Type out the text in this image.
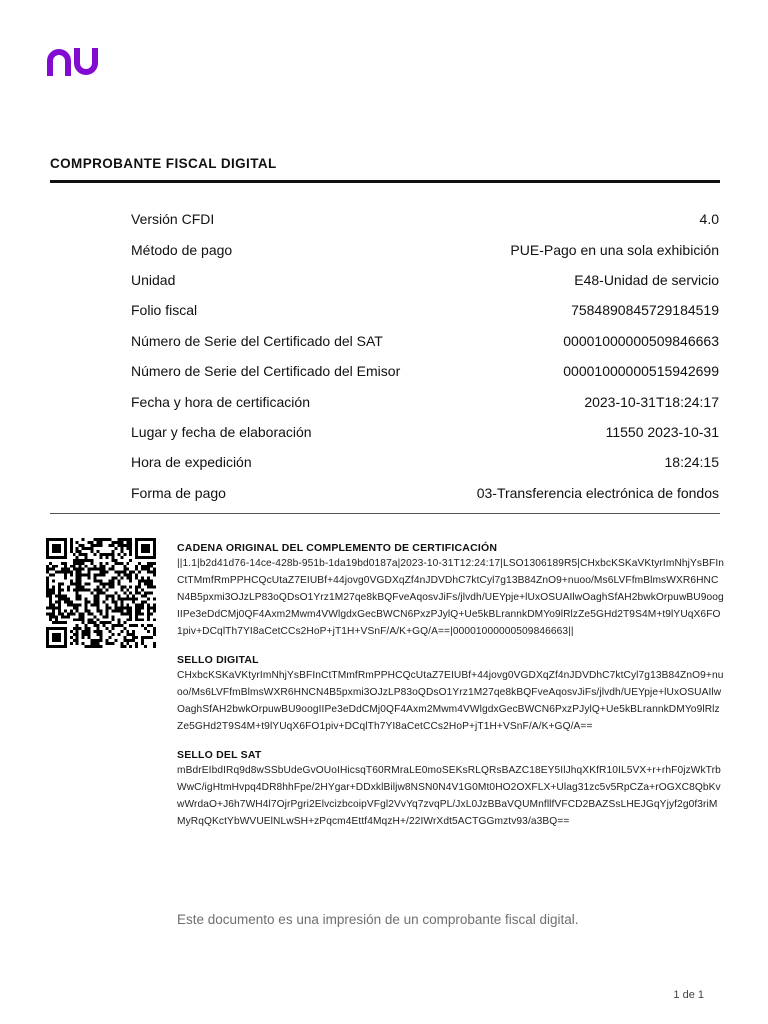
COMPROBANTE FISCAL DIGITAL
Versión CFDI	4.0
Método de pago	PUE-Pago en una sola exhibición
Unidad	E48-Unidad de servicio
Folio fiscal	7584890845729184519
Número de Serie del Certificado del SAT	00001000000509846663
Número de Serie del Certificado del Emisor	00001000000515942699
Fecha y hora de certificación	2023-10-31T18:24:17
Lugar y fecha de elaboración	11550 2023-10-31
Hora de expedición	18:24:15
Forma de pago	03-Transferencia electrónica de fondos
CADENA ORIGINAL DEL COMPLEMENTO DE CERTIFICACIÓN
||1.1|b2d41d76-14ce-428b-951b-1da19bd0187a|2023-10-31T12:24:17|LSO1306189R5|CHxbcKSKaVKtyrImNhjYsBFInCtTMmfRmPPHCQcUtaZ7EIUBf+44jovg0VGDXqZf4nJDVDhC7ktCyl7g13B84ZnO9+nuoo/Ms6LVFfmBlmsWXR6HNCN4B5pxmi3OJzLP83oQDsO1Yrz1M27qe8kBQFveAqosvJiFs/jlvdh/UEYpje+lUxOSUAIlwOaghSfAH2bwkOrpuwBU9oogIIPe3eDdCMj0QF4Axm2Mwm4VWlgdxGecBWCN6PxzPJylQ+Ue5kBLrannkDMYo9lRlzZe5GHd2T9S4M+t9lYUqX6FO1piv+DCqlTh7YI8aCetCCs2HoP+jT1H+VSnF/A/K+GQ/A==|00001000000509846663||
SELLO DIGITAL
CHxbcKSKaVKtyrImNhjYsBFInCtTMmfRmPPHCQcUtaZ7EIUBf+44jovg0VGDXqZf4nJDVDhC7ktCyl7g13B84ZnO9+nuoo/Ms6LVFfmBlmsWXR6HNCN4B5pxmi3OJzLP83oQDsO1Yrz1M27qe8kBQFveAqosvJiFs/jlvdh/UEYpje+lUxOSUAIlwOaghSfAH2bwkOrpuwBU9oogIIPe3eDdCMj0QF4Axm2Mwm4VWlgdxGecBWCN6PxzPJylQ+Ue5kBLrannkDMYo9lRlzZe5GHd2T9S4M+t9lYUqX6FO1piv+DCqlTh7YI8aCetCCs2HoP+jT1H+VSnF/A/K+GQ/A==
SELLO DEL SAT
mBdrEIbdIRq9d8wSSbUdeGvOUoIHicsqT60RMraLE0moSEKsRLQRsBAZC18EY5IlJhqXKfR10IL5VX+r+rhF0jzWkTrbWwC/igHtmHvpq4DR8hhFpe/2HYgar+DDxklBiljw8NSN0N4V1G0Mt0HO2OXFLX+Ulag31zc5v5RpCZa+rOGXC8QbKvwWrdaO+J6h7WH4l7OjrPgri2ElvcizbcoipVFgl2VvYq7zvqPL/JxL0JzBBaVQUMnfllfVFCD2BAZSsLHEJGqYjyf2g0f3riMMyRqQKctYbWVUElNLwSH+zPqcm4Ettf4MqzH+/22IWrXdt5ACTGGmztv93/a3BQ==
Este documento es una impresión de un comprobante fiscal digital.
1 de 1
